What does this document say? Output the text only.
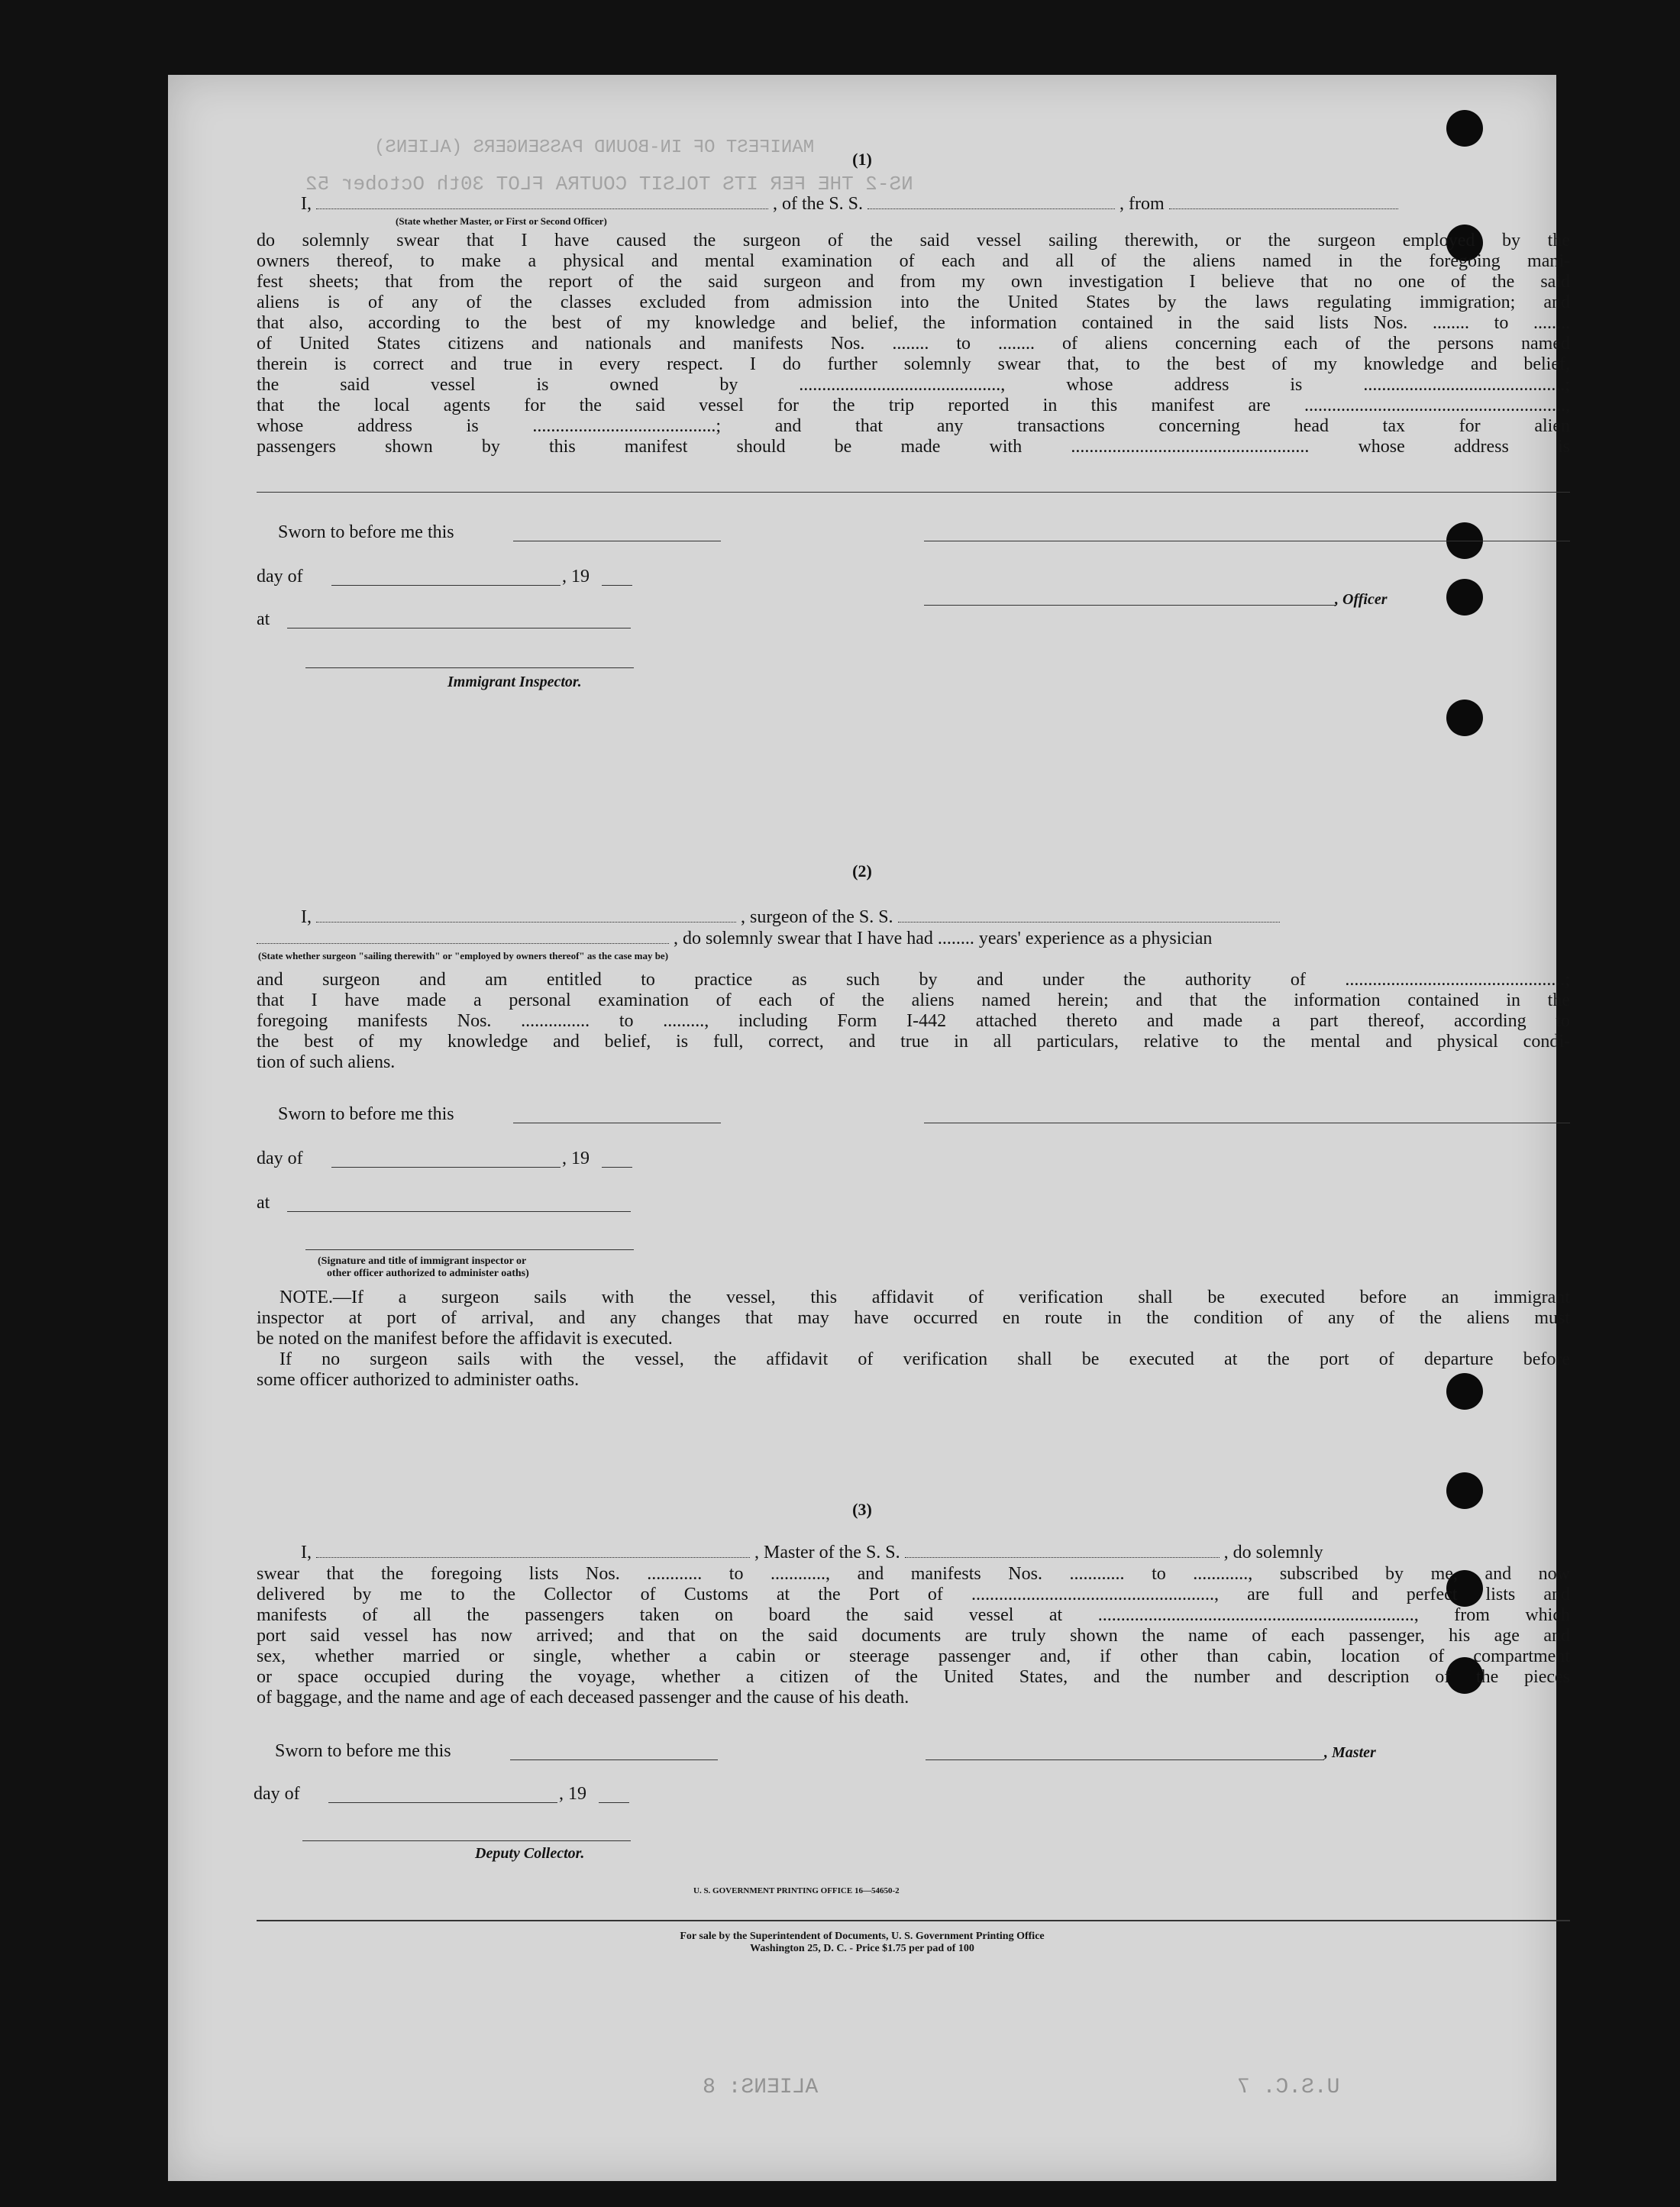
MANIFEST OF IN-BOUND PASSENGERS (ALIENS)
NS-2 THE FER ITS TOLSIT COUTRA FLOT 30th October 52
(1)
I,	, of the S. S.	, from
(State whether Master, or First or Second Officer)
do solemnly swear that I have caused the surgeon of the said vessel sailing therewith, or the surgeon employed by the
owners thereof, to make a physical and mental examination of each and all of the aliens named in the foregoing mani-
fest sheets; that from the report of the said surgeon and from my own investigation I believe that no one of the said
aliens is of any of the classes excluded from admission into the United States by the laws regulating immigration; and
that also, according to the best of my knowledge and belief, the information contained in the said lists Nos. ........ to ........
of United States citizens and nationals and manifests Nos. ........ to ........ of aliens concerning each of the persons named
therein is correct and true in every respect. I do further solemnly swear that, to the best of my knowledge and belief,
the said vessel is owned by ............................................, whose address is ............................................;
that the local agents for the said vessel for the trip reported in this manifest are .........................................................,
whose address is ........................................; and that any transactions concerning head tax for alien
passengers shown by this manifest should be made with .................................................... whose address is
Sworn to before me this
day of	, 19
, Officer
at
Immigrant Inspector.
(2)
I,	, surgeon of the S. S.
, do solemnly swear that I have had ........ years' experience as a physician
(State whether surgeon "sailing therewith" or "employed by owners thereof" as the case may be)
and surgeon and am entitled to practice as such by and under the authority of ................................................;
that I have made a personal examination of each of the aliens named herein; and that the information contained in the
foregoing manifests Nos. ............... to ........., including Form I-442 attached thereto and made a part thereof, according to
the best of my knowledge and belief, is full, correct, and true in all particulars, relative to the mental and physical condi-
tion of such aliens.
Sworn to before me this
day of	, 19
at
(Signature and title of immigrant inspector or
other officer authorized to administer oaths)
NOTE.—If a surgeon sails with the vessel, this affidavit of verification shall be executed before an immigrant
inspector at port of arrival, and any changes that may have occurred en route in the condition of any of the aliens must
be noted on the manifest before the affidavit is executed.
If no surgeon sails with the vessel, the affidavit of verification shall be executed at the port of departure before
some officer authorized to administer oaths.
(3)
I,	, Master of the S. S.	, do solemnly
swear that the foregoing lists Nos. ............ to ............, and manifests Nos. ............ to ............, subscribed by me, and now
delivered by me to the Collector of Customs at the Port of ....................................................., are full and perfect lists and
manifests of all the passengers taken on board the said vessel at ....................................................................., from which
port said vessel has now arrived; and that on the said documents are truly shown the name of each passenger, his age and
sex, whether married or single, whether a cabin or steerage passenger and, if other than cabin, location of compartment
or space occupied during the voyage, whether a citizen of the United States, and the number and description of the pieces
of baggage, and the name and age of each deceased passenger and the cause of his death.
Sworn to before me this	, Master
day of	, 19
Deputy Collector.
U. S. GOVERNMENT PRINTING OFFICE 16—54650-2
For sale by the Superintendent of Documents, U. S. Government Printing Office
Washington 25, D. C. - Price $1.75 per pad of 100
ALIENS: 8	U.S.C. 7
